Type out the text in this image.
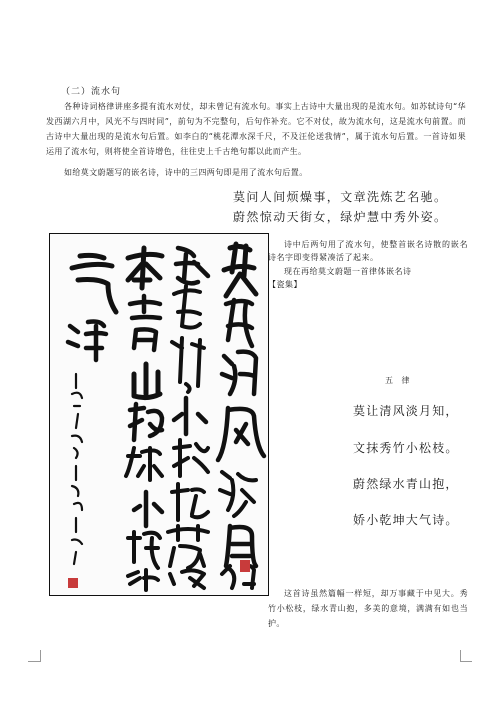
（二）流水句
各种诗词格律讲座多提有流水对仗，却未曾记有流水句。事实上古诗中大量出现的是流水句。如苏轼诗句“华发西湖六月中，风光不与四时同”，前句为不完整句，后句作补充。它不对仗，故为流水句，这是流水句前置。而古诗中大量出现的是流水句后置。如李白的“桃花潭水深千尺，不及汪伦送我情”，属于流水句后置。一首诗如果运用了流水句，则将使全首诗增色，往往史上千古绝句都以此而产生。
如给莫文蔚题写的嵌名诗，诗中的三四两句即是用了流水句后置。
莫问人间烦燥事，文章洗炼艺名驰。
蔚然惊动天街女，绿炉慧中秀外姿。
诗中后两句用了流水句，使整首嵌名诗散的嵌名诗名字即变得紧凑活了起来。
现在再给莫文蔚题一首律体嵌名诗
【瓷集】
五 律
莫让清风淡月知，
文抹秀竹小松枝。
蔚然绿水青山抱，
娇小乾坤大气诗。
这首诗虽然篇幅一样短，却万事藏于中见大。秀竹小松枝，绿水青山抱，多美的意境，满满有如也当护。
